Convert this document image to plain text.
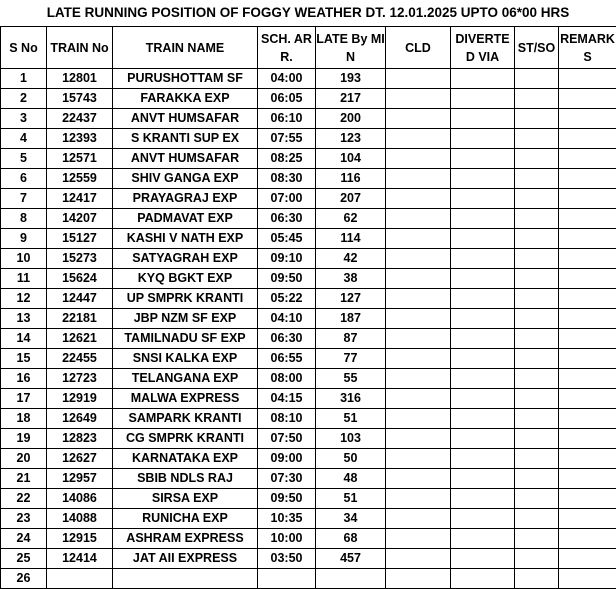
LATE RUNNING POSITION OF FOGGY WEATHER DT. 12.01.2025 UPTO 06*00 HRS
S No	TRAIN No	TRAIN NAME	SCH. ARR.	LATE By MIN	CLD	DIVERTED VIA	ST/SO	REMARKS
1	12801	PURUSHOTTAM SF	04:00	193				
2	15743	FARAKKA EXP	06:05	217				
3	22437	ANVT HUMSAFAR	06:10	200				
4	12393	S KRANTI SUP EX	07:55	123				
5	12571	ANVT HUMSAFAR	08:25	104				
6	12559	SHIV GANGA EXP	08:30	116				
7	12417	PRAYAGRAJ EXP	07:00	207				
8	14207	PADMAVAT EXP	06:30	62				
9	15127	KASHI V NATH EXP	05:45	114				
10	15273	SATYAGRAH EXP	09:10	42				
11	15624	KYQ BGKT EXP	09:50	38				
12	12447	UP SMPRK KRANTI	05:22	127				
13	22181	JBP NZM SF EXP	04:10	187				
14	12621	TAMILNADU SF EXP	06:30	87				
15	22455	SNSI KALKA EXP	06:55	77				
16	12723	TELANGANA EXP	08:00	55				
17	12919	MALWA EXPRESS	04:15	316				
18	12649	SAMPARK KRANTI	08:10	51				
19	12823	CG SMPRK KRANTI	07:50	103				
20	12627	KARNATAKA EXP	09:00	50				
21	12957	SBIB NDLS RAJ	07:30	48				
22	14086	SIRSA EXP	09:50	51				
23	14088	RUNICHA EXP	10:35	34				
24	12915	ASHRAM EXPRESS	10:00	68				
25	12414	JAT AII EXPRESS	03:50	457				
26								
